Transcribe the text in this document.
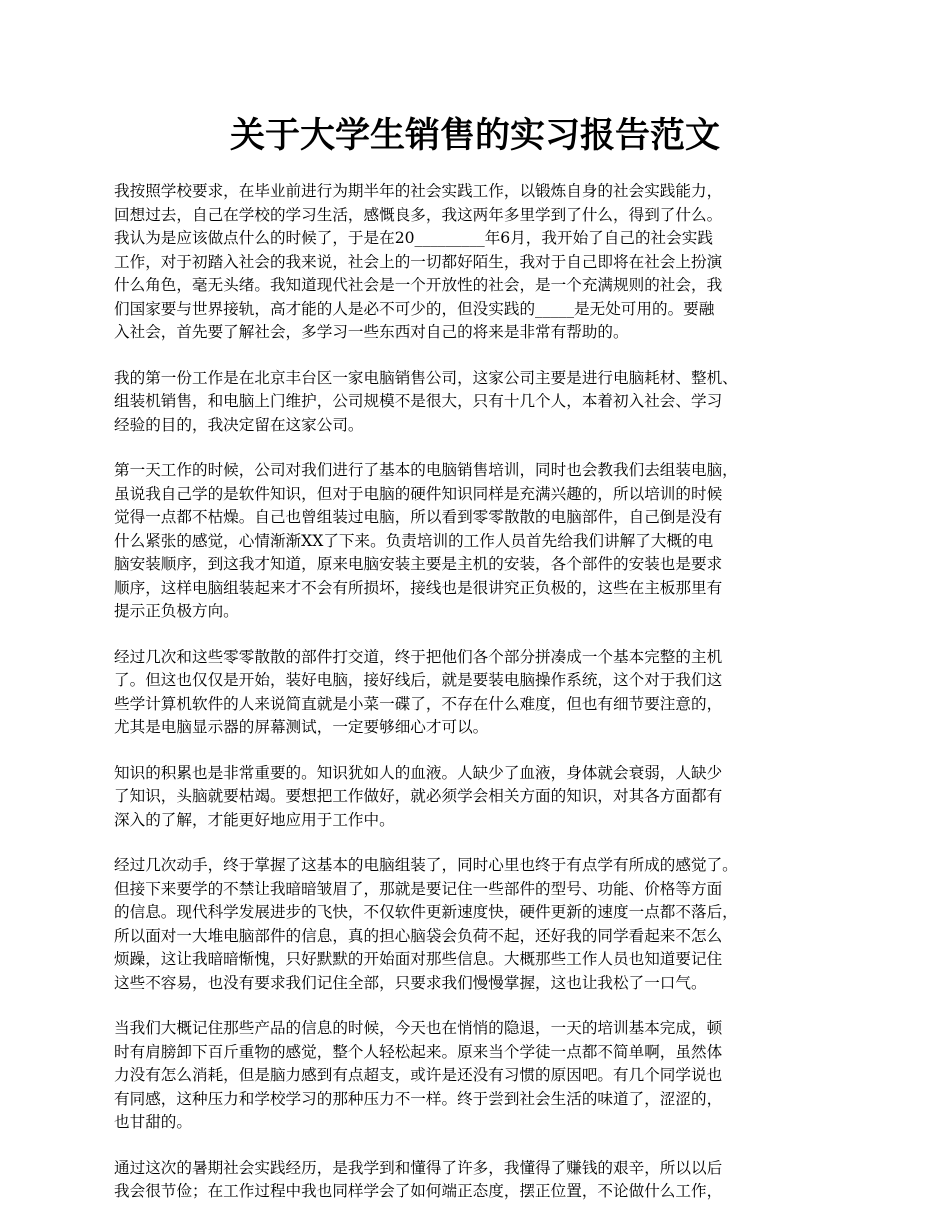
关于大学生销售的实习报告范文
我按照学校要求，在毕业前进行为期半年的社会实践工作，以锻炼自身的社会实践能力，
回想过去，自己在学校的学习生活，感慨良多，我这两年多里学到了什么，得到了什么。
我认为是应该做点什么的时候了，于是在20_________年6月，我开始了自己的社会实践
工作，对于初踏入社会的我来说，社会上的一切都好陌生，我对于自己即将在社会上扮演
什么角色，毫无头绪。我知道现代社会是一个开放性的社会，是一个充满规则的社会，我
们国家要与世界接轨，高才能的人是必不可少的，但没实践的_____是无处可用的。要融
入社会，首先要了解社会，多学习一些东西对自己的将来是非常有帮助的。
我的第一份工作是在北京丰台区一家电脑销售公司，这家公司主要是进行电脑耗材、整机、
组装机销售，和电脑上门维护，公司规模不是很大，只有十几个人，本着初入社会、学习
经验的目的，我决定留在这家公司。
第一天工作的时候，公司对我们进行了基本的电脑销售培训，同时也会教我们去组装电脑，
虽说我自己学的是软件知识，但对于电脑的硬件知识同样是充满兴趣的，所以培训的时候
觉得一点都不枯燥。自己也曾组装过电脑，所以看到零零散散的电脑部件，自己倒是没有
什么紧张的感觉，心情渐渐XX了下来。负责培训的工作人员首先给我们讲解了大概的电
脑安装顺序，到这我才知道，原来电脑安装主要是主机的安装，各个部件的安装也是要求
顺序，这样电脑组装起来才不会有所损坏，接线也是很讲究正负极的，这些在主板那里有
提示正负极方向。
经过几次和这些零零散散的部件打交道，终于把他们各个部分拼凑成一个基本完整的主机
了。但这也仅仅是开始，装好电脑，接好线后，就是要装电脑操作系统，这个对于我们这
些学计算机软件的人来说简直就是小菜一碟了，不存在什么难度，但也有细节要注意的，
尤其是电脑显示器的屏幕测试，一定要够细心才可以。
知识的积累也是非常重要的。知识犹如人的血液。人缺少了血液，身体就会衰弱，人缺少
了知识，头脑就要枯竭。要想把工作做好，就必须学会相关方面的知识，对其各方面都有
深入的了解，才能更好地应用于工作中。
经过几次动手，终于掌握了这基本的电脑组装了，同时心里也终于有点学有所成的感觉了。
但接下来要学的不禁让我暗暗皱眉了，那就是要记住一些部件的型号、功能、价格等方面
的信息。现代科学发展进步的飞快，不仅软件更新速度快，硬件更新的速度一点都不落后，
所以面对一大堆电脑部件的信息，真的担心脑袋会负荷不起，还好我的同学看起来不怎么
烦躁，这让我暗暗惭愧，只好默默的开始面对那些信息。大概那些工作人员也知道要记住
这些不容易，也没有要求我们记住全部，只要求我们慢慢掌握，这也让我松了一口气。
当我们大概记住那些产品的信息的时候，今天也在悄悄的隐退，一天的培训基本完成，顿
时有肩膀卸下百斤重物的感觉，整个人轻松起来。原来当个学徒一点都不简单啊，虽然体
力没有怎么消耗，但是脑力感到有点超支，或许是还没有习惯的原因吧。有几个同学说也
有同感，这种压力和学校学习的那种压力不一样。终于尝到社会生活的味道了，涩涩的，
也甘甜的。
通过这次的暑期社会实践经历，是我学到和懂得了许多，我懂得了赚钱的艰辛，所以以后
我会很节俭；在工作过程中我也同样学会了如何端正态度，摆正位置，不论做什么工作，
